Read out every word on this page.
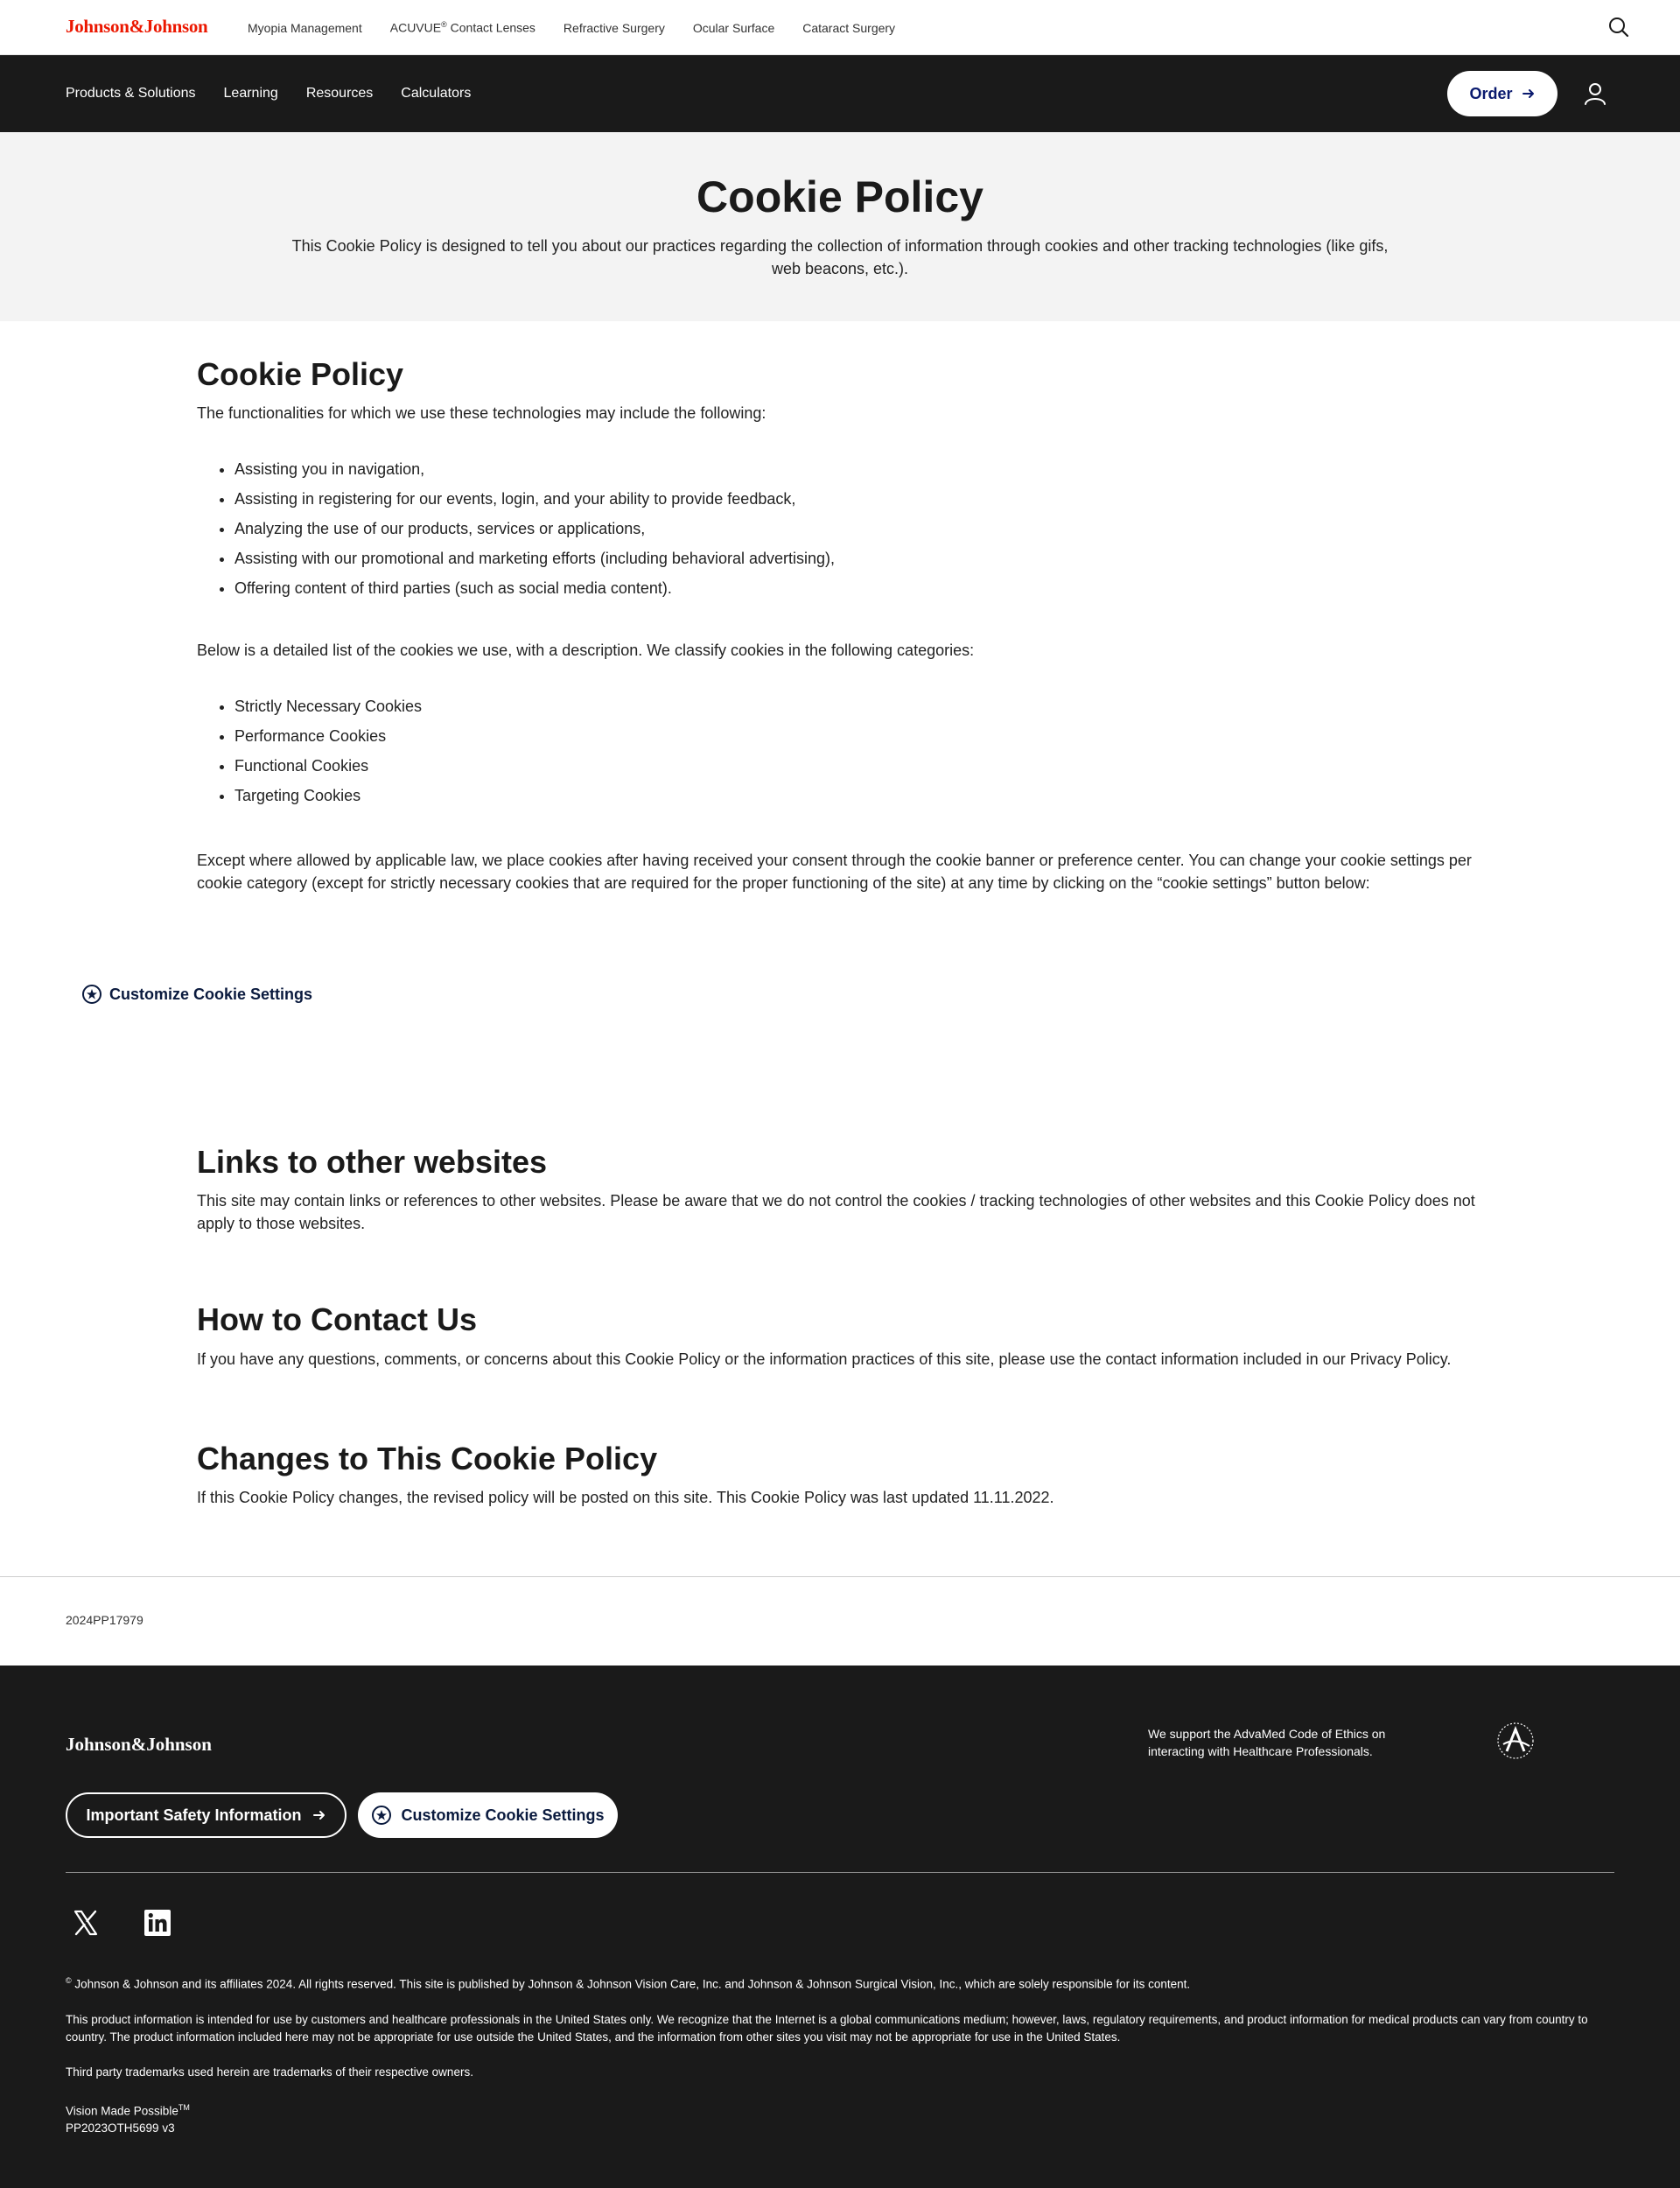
Johnson&Johnson	Myopia Management ACUVUE® Contact Lenses Refractive Surgery Ocular Surface Cataract Surgery
Products & Solutions Learning Resources Calculators	Order
Cookie Policy

This Cookie Policy is designed to tell you about our practices regarding the collection of information through cookies and other tracking technologies (like gifs, web beacons, etc.).

Cookie Policy

The functionalities for which we use these technologies may include the following:

• Assisting you in navigation,
• Assisting in registering for our events, login, and your ability to provide feedback,
• Analyzing the use of our products, services or applications,
• Assisting with our promotional and marketing efforts (including behavioral advertising),
• Offering content of third parties (such as social media content).

Below is a detailed list of the cookies we use, with a description. We classify cookies in the following categories:

• Strictly Necessary Cookies
• Performance Cookies
• Functional Cookies
• Targeting Cookies

Except where allowed by applicable law, we place cookies after having received your consent through the cookie banner or preference center. You can change your cookie settings per cookie category (except for strictly necessary cookies that are required for the proper functioning of the site) at any time by clicking on the “cookie settings” button below:

Links to other websites

This site may contain links or references to other websites. Please be aware that we do not control the cookies / tracking technologies of other websites and this Cookie Policy does not apply to those websites.

How to Contact Us

If you have any questions, comments, or concerns about this Cookie Policy or the information practices of this site, please use the contact information included in our Privacy Policy.

Changes to This Cookie Policy

If this Cookie Policy changes, the revised policy will be posted on this site. This Cookie Policy was last updated 11.11.2022.

Customize Cookie Settings
2024PP17979
Johnson&Johnson	We support the AdvaMed Code of Ethics on interacting with Healthcare Professionals.
Important Safety Information	Customize Cookie Settings

© Johnson & Johnson and its affiliates 2024. All rights reserved. This site is published by Johnson & Johnson Vision Care, Inc. and Johnson & Johnson Surgical Vision, Inc., which are solely responsible for its content.

This product information is intended for use by customers and healthcare professionals in the United States only. We recognize that the Internet is a global communications medium; however, laws, regulatory requirements, and product information for medical products can vary from country to country. The product information included here may not be appropriate for use outside the United States, and the information from other sites you visit may not be appropriate for use in the United States.

Third party trademarks used herein are trademarks of their respective owners.

Vision Made Possible™
PP2023OTH5699 v3
